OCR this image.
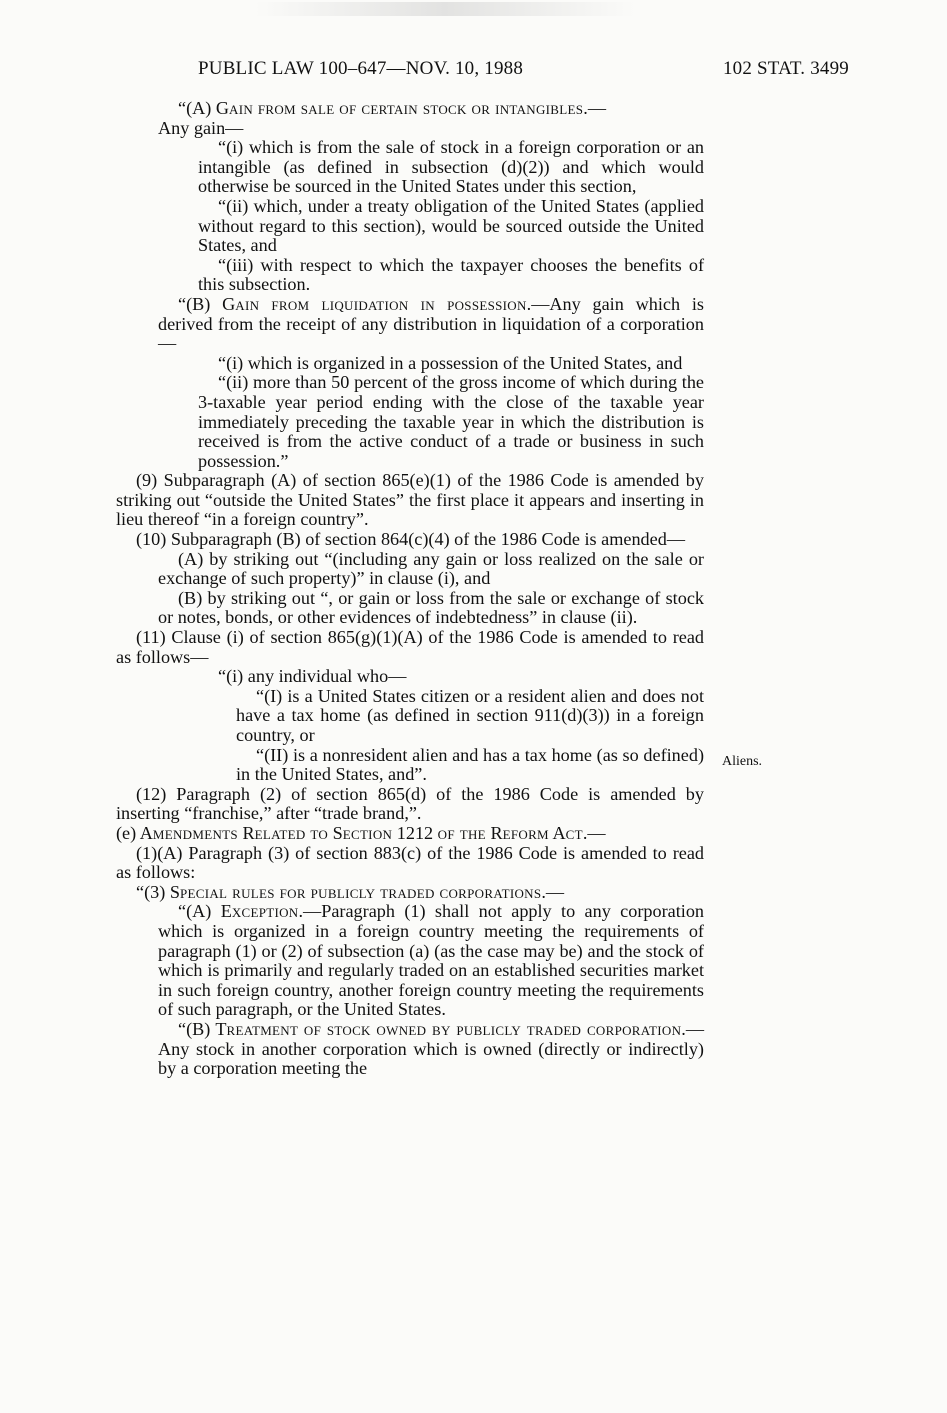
PUBLIC LAW 100–647—NOV. 10, 1988	102 STAT. 3499

“(A) Gain from sale of certain stock or intangibles.—

Any gain—

“(i) which is from the sale of stock in a foreign corporation or an intangible (as defined in subsection (d)(2)) and which would otherwise be sourced in the United States under this section,

“(ii) which, under a treaty obligation of the United States (applied without regard to this section), would be sourced outside the United States, and

“(iii) with respect to which the taxpayer chooses the benefits of this subsection.

“(B) Gain from liquidation in possession.—Any gain which is derived from the receipt of any distribution in liquidation of a corporation—

“(i) which is organized in a possession of the United States, and

“(ii) more than 50 percent of the gross income of which during the 3-taxable year period ending with the close of the taxable year immediately preceding the taxable year in which the distribution is received is from the active conduct of a trade or business in such possession.”

(9) Subparagraph (A) of section 865(e)(1) of the 1986 Code is amended by striking out “outside the United States” the first place it appears and inserting in lieu thereof “in a foreign country”.

(10) Subparagraph (B) of section 864(c)(4) of the 1986 Code is amended—

(A) by striking out “(including any gain or loss realized on the sale or exchange of such property)” in clause (i), and

(B) by striking out “, or gain or loss from the sale or exchange of stock or notes, bonds, or other evidences of indebtedness” in clause (ii).

(11) Clause (i) of section 865(g)(1)(A) of the 1986 Code is amended to read as follows—

“(i) any individual who—

“(I) is a United States citizen or a resident alien and does not have a tax home (as defined in section 911(d)(3)) in a foreign country, or

“(II) is a nonresident alien and has a tax home (as so defined) in the United States, and”.

(12) Paragraph (2) of section 865(d) of the 1986 Code is amended by inserting “franchise,” after “trade brand,”.

(e) Amendments Related to Section 1212 of the Reform Act.—

(1)(A) Paragraph (3) of section 883(c) of the 1986 Code is amended to read as follows:

“(3) Special rules for publicly traded corporations.—

“(A) Exception.—Paragraph (1) shall not apply to any corporation which is organized in a foreign country meeting the requirements of paragraph (1) or (2) of subsection (a) (as the case may be) and the stock of which is primarily and regularly traded on an established securities market in such foreign country, another foreign country meeting the requirements of such paragraph, or the United States.

“(B) Treatment of stock owned by publicly traded corporation.—Any stock in another corporation which is owned (directly or indirectly) by a corporation meeting the

Aliens.
